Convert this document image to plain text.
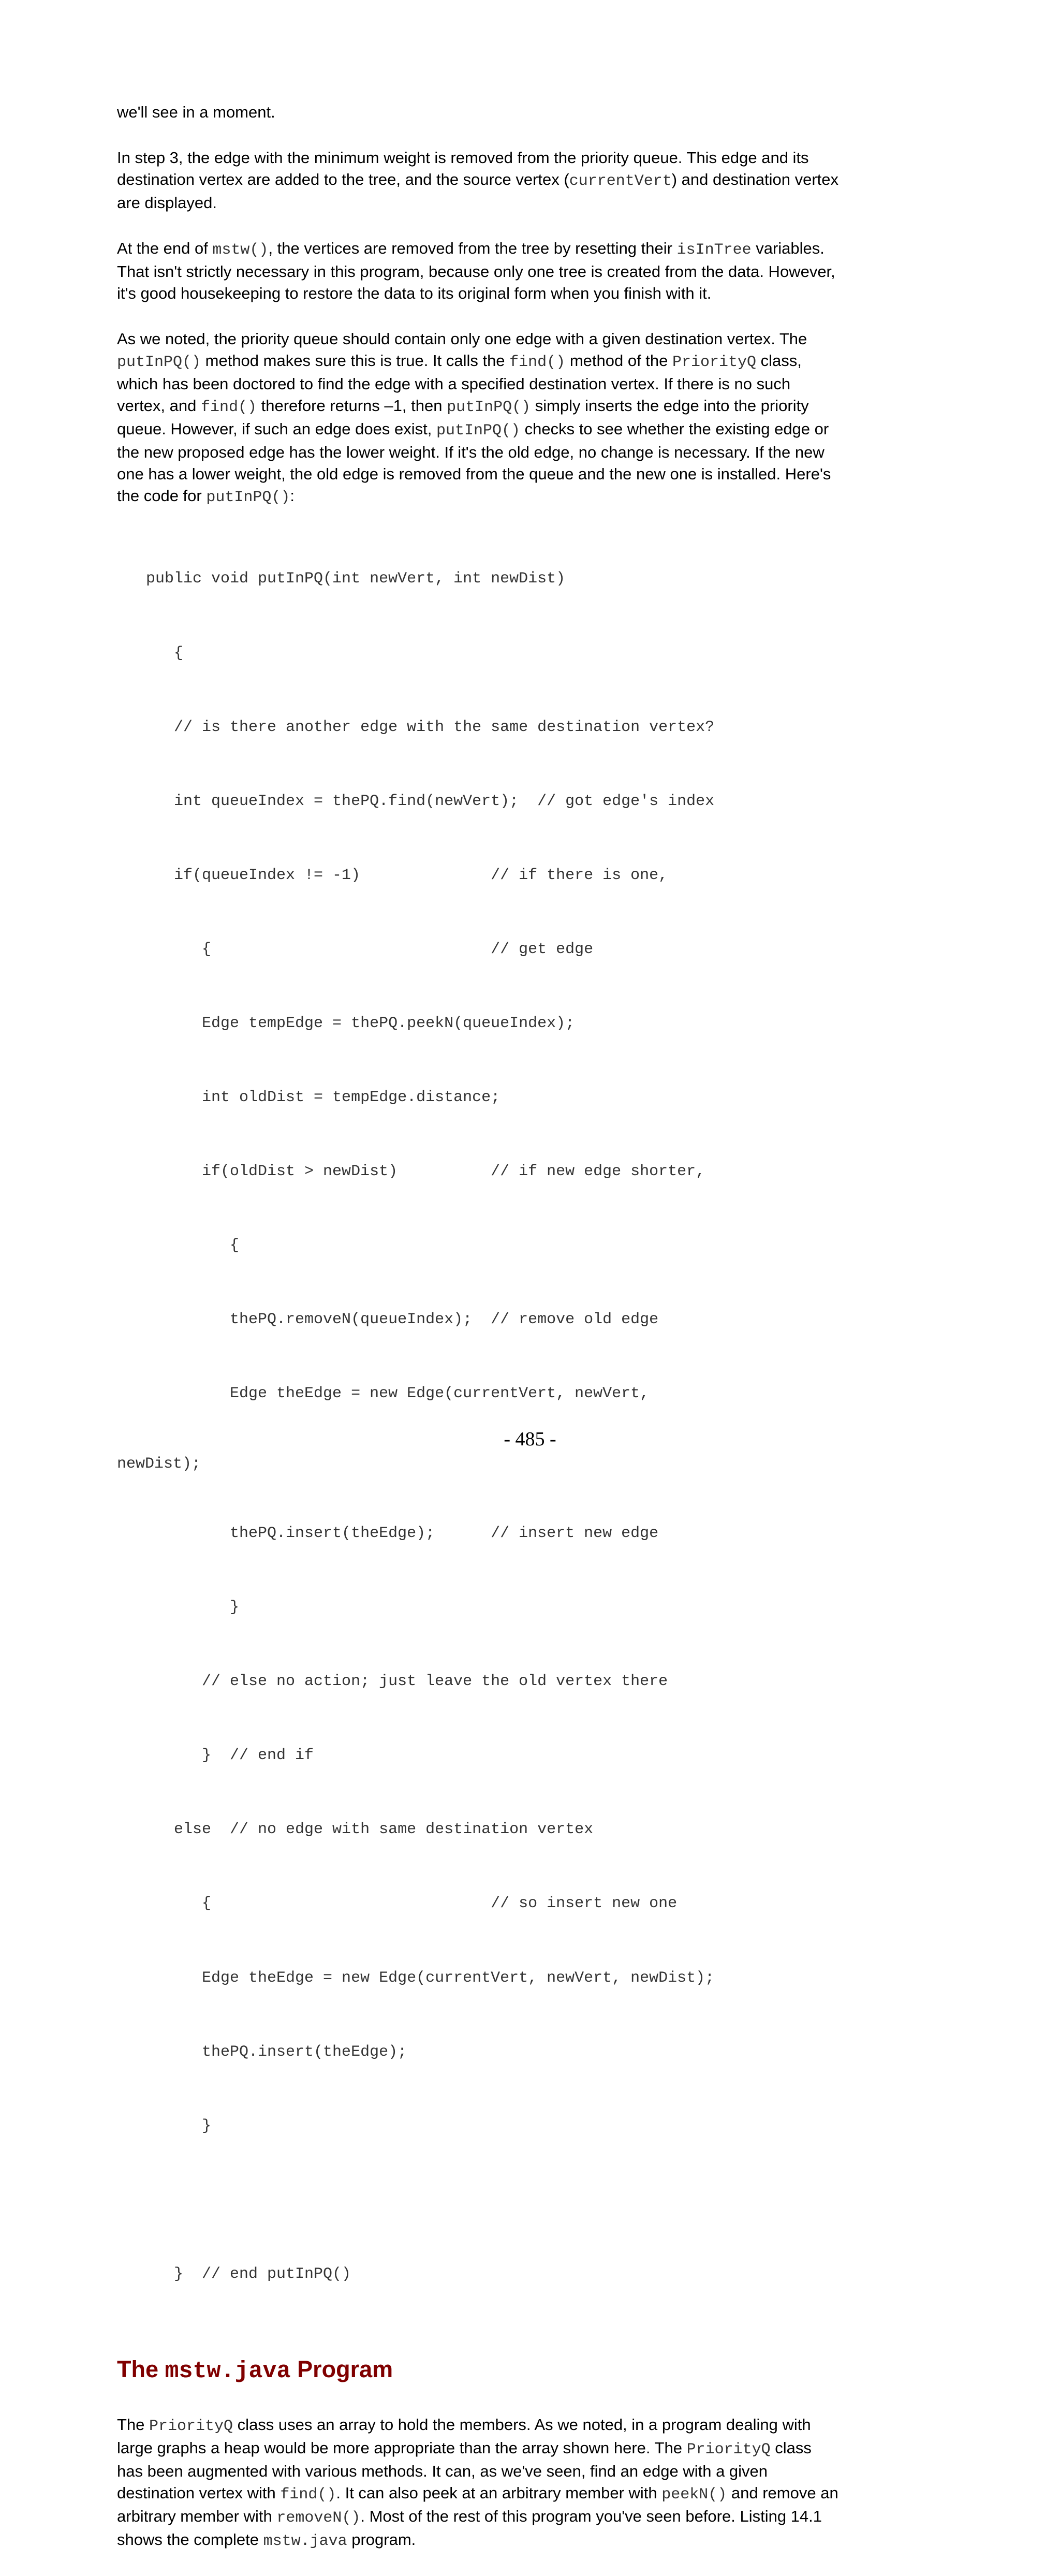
we'll see in a moment.

In step 3, the edge with the minimum weight is removed from the priority queue. This edge and its destination vertex are added to the tree, and the source vertex (currentVert) and destination vertex are displayed.

At the end of mstw(), the vertices are removed from the tree by resetting their isInTree variables. That isn't strictly necessary in this program, because only one tree is created from the data. However, it's good housekeeping to restore the data to its original form when you finish with it.

As we noted, the priority queue should contain only one edge with a given destination vertex. The putInPQ() method makes sure this is true. It calls the find() method of the PriorityQ class, which has been doctored to find the edge with a specified destination vertex. If there is no such vertex, and find() therefore returns –1, then putInPQ() simply inserts the edge into the priority queue. However, if such an edge does exist, putInPQ() checks to see whether the existing edge or the new proposed edge has the lower weight. If it's the old edge, no change is necessary. If the new one has a lower weight, the old edge is removed from the queue and the new one is installed. Here's the code for putInPQ():

public void putInPQ(int newVert, int newDist)

{

// is there another edge with the same destination vertex?

int queueIndex = thePQ.find(newVert);  // got edge's index

if(queueIndex != -1)              // if there is one,

{                              // get edge

Edge tempEdge = thePQ.peekN(queueIndex);

int oldDist = tempEdge.distance;

if(oldDist > newDist)          // if new edge shorter,

{

thePQ.removeN(queueIndex);  // remove old edge

Edge theEdge = new Edge(currentVert, newVert,

newDist);

thePQ.insert(theEdge);      // insert new edge

}

// else no action; just leave the old vertex there

}  // end if

else  // no edge with same destination vertex

{                              // so insert new one

Edge theEdge = new Edge(currentVert, newVert, newDist);

thePQ.insert(theEdge);

}

}  // end putInPQ()

The mstw.java Program

The PriorityQ class uses an array to hold the members. As we noted, in a program dealing with large graphs a heap would be more appropriate than the array shown here. The PriorityQ class has been augmented with various methods. It can, as we've seen, find an edge with a given destination vertex with find(). It can also peek at an arbitrary member with peekN() and remove an arbitrary member with removeN(). Most of the rest of this program you've seen before. Listing 14.1 shows the complete mstw.java program.

- 485 -
